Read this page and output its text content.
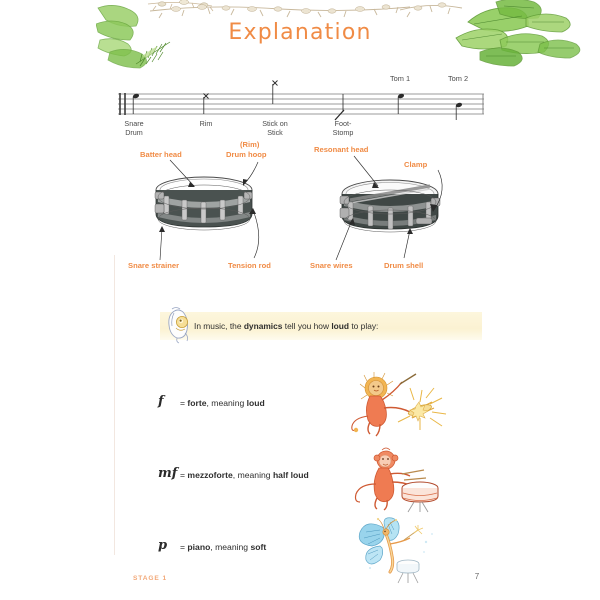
Explanation
Tom 1	Tom 2
Snare
Drum
Rim	Stick on
Stick
Foot-
Stomp
Batter head
(Rim)
Drum hoop
Snare strainer	Tension rod
Resonant head
Clamp
Snare wires	Drum shell
In music, the dynamics tell you how loud to play:
f = forte, meaning loud
mf = mezzoforte, meaning half loud
p = piano, meaning soft
STAGE 1	7
